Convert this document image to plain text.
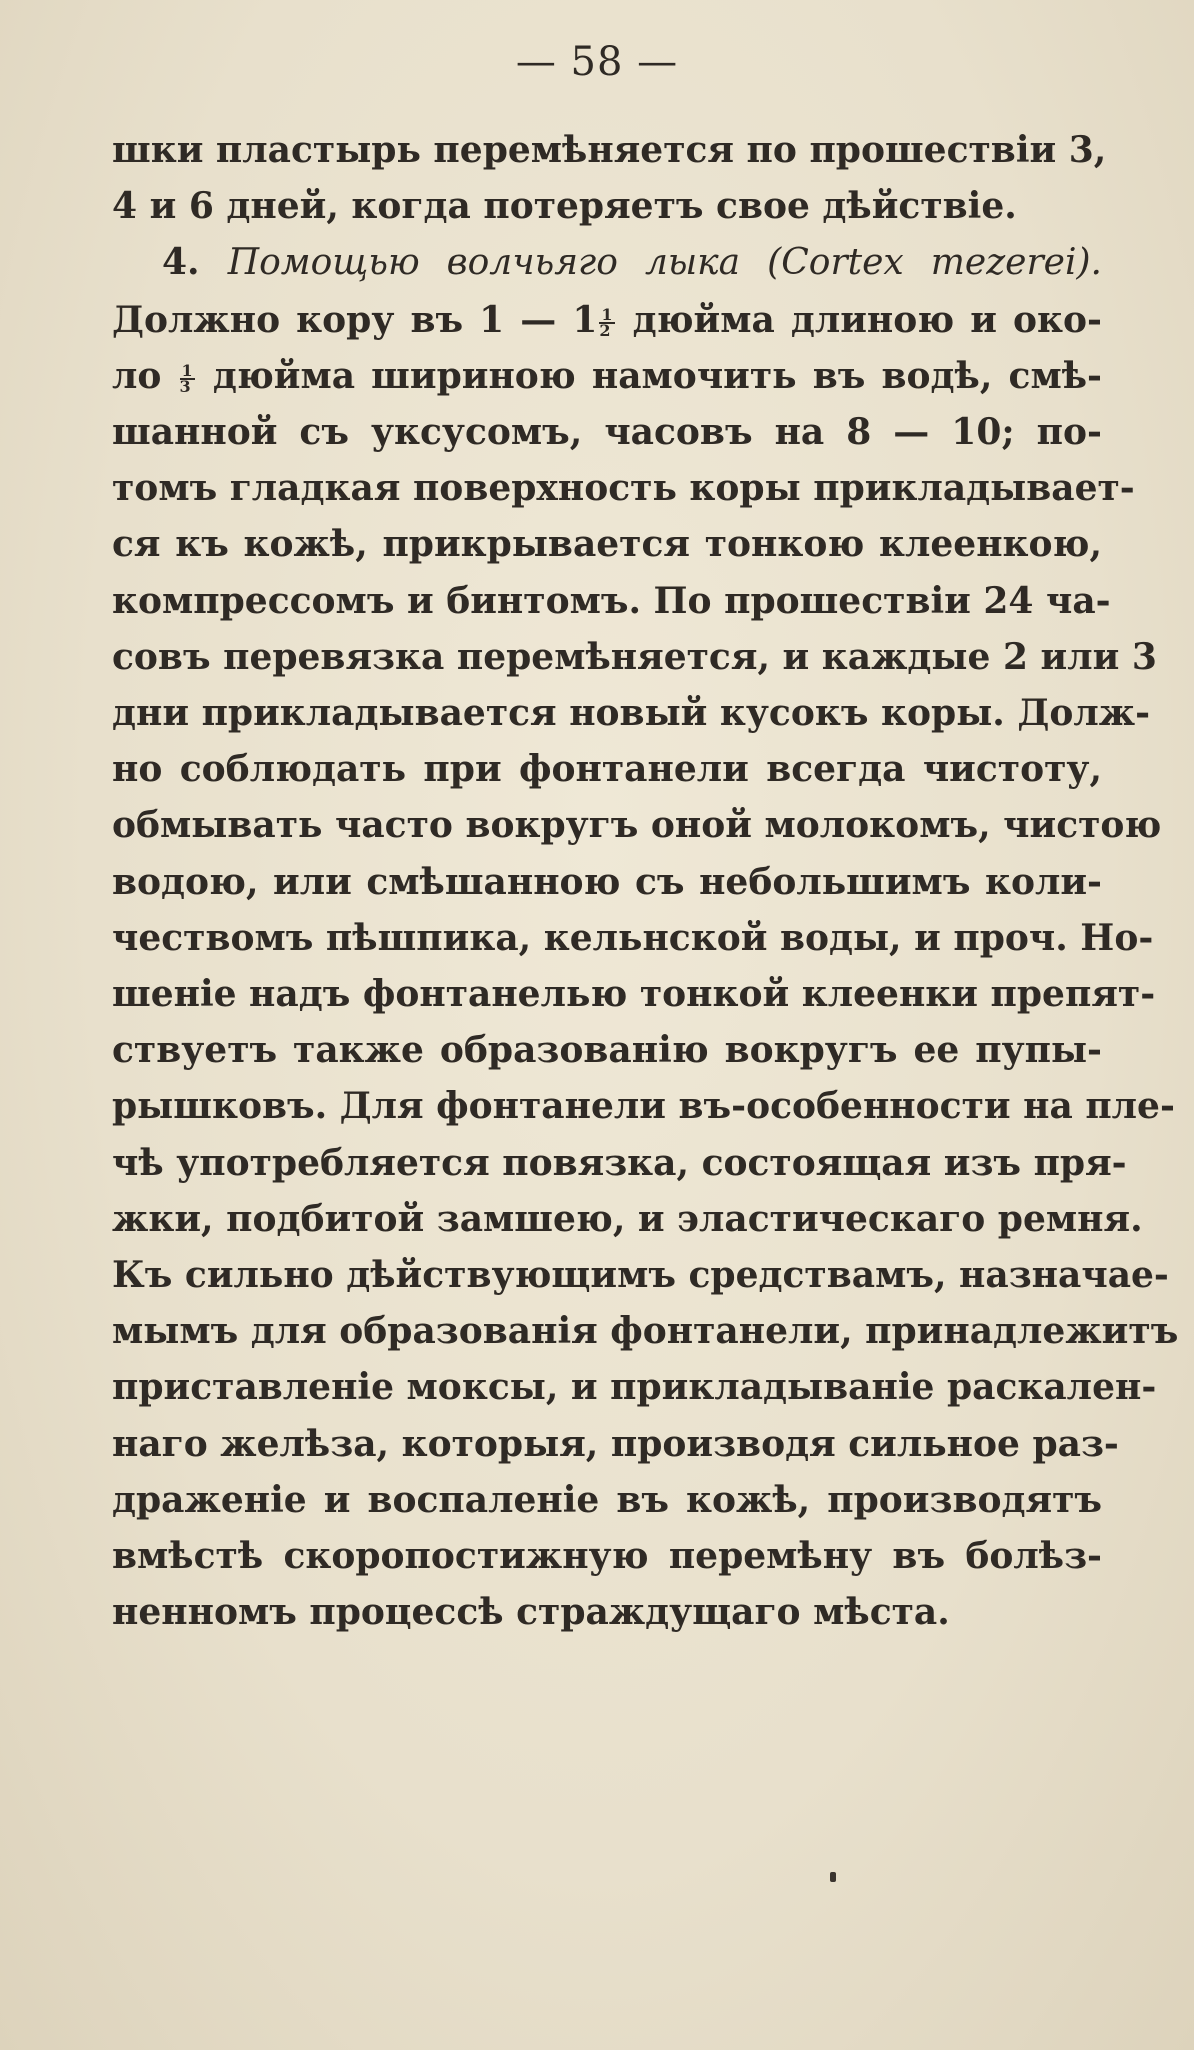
— 58 —
шки пластырь перемѣняется по прошествiи 3,
4 и 6 дней, когда потеряетъ свое дѣйствie.
4. Помощью волчьяго лыка (Cortex mezerei).
Должно кору въ 1 — $1 \frac{1}{2}$ дюйма длиною и око-
ло $\frac{1}{3}$ дюйма шириною намочить въ водѣ, смѣ-
шанной съ уксусомъ, часовъ на 8 — 10; по-
томъ гладкая поверхность коры прикладывает-
ся къ кожѣ, прикрывается тонкою клеенкою,
компрессомъ и бинтомъ. По прошествiи 24 ча-
совъ перевязка перемѣняется, и каждые 2 или 3
дни прикладывается новый кусокъ коры. Долж-
но соблюдать при фонтанели всегда чистоту,
обмывать часто вокругъ оной молокомъ, чистою
водою, или смѣшанною съ небольшимъ коли-
чествомъ пѣшпика, кельнской воды, и проч. Но-
шенie надъ фонтанелью тонкой клеенки препят-
ствуетъ также образованiю вокругъ ее пупы-
рышковъ. Для фонтанели въ-особенности на пле-
чѣ употребляется повязка, состоящая изъ пря-
жки, подбитой замшею, и эластическаго ремня.
Къ сильно дѣйствующимъ средствамъ, назначае-
мымъ для образованiя фонтанели, принадлежитъ
приставленie моксы, и прикладыванie раскален-
наго желѣза, которыя, производя сильное раз-
драженie и воспаленie въ кожѣ, производятъ
вмѣстѣ скоропостижную перемѣну въ болѣз-
ненномъ процессѣ страждущаго мѣста.
